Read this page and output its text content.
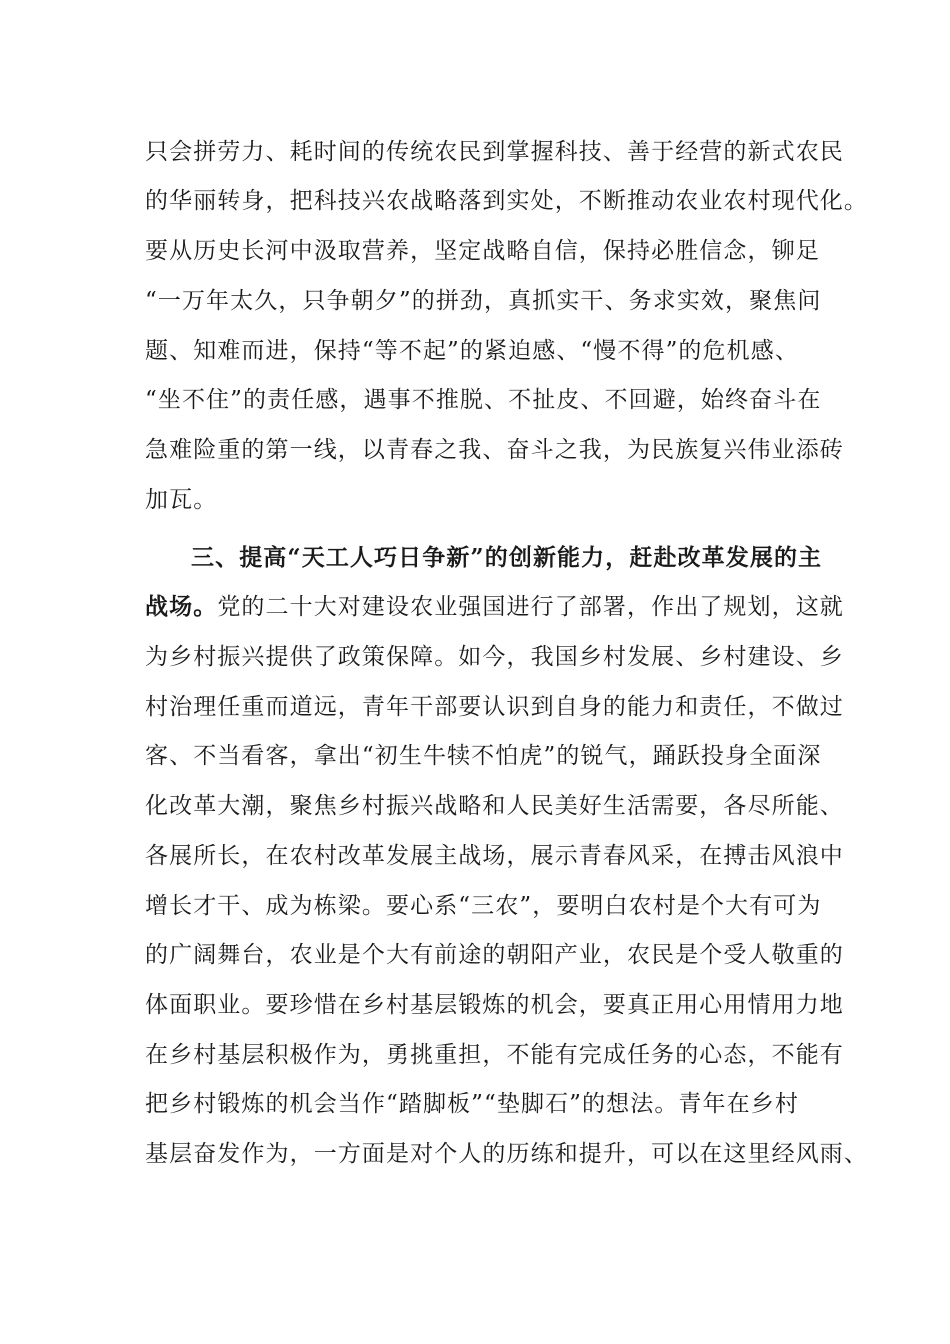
只会拼劳力、耗时间的传统农民到掌握科技、善于经营的新式农民
的华丽转身，把科技兴农战略落到实处，不断推动农业农村现代化。
要从历史长河中汲取营养，坚定战略自信，保持必胜信念，铆足
“一万年太久，只争朝夕”的拼劲，真抓实干、务求实效，聚焦问
题、知难而进，保持“等不起”的紧迫感、“慢不得”的危机感、
“坐不住”的责任感，遇事不推脱、不扯皮、不回避，始终奋斗在
急难险重的第一线，以青春之我、奋斗之我，为民族复兴伟业添砖
加瓦。
三、提高“天工人巧日争新”的创新能力，赶赴改革发展的主
战场。党的二十大对建设农业强国进行了部署，作出了规划，这就
为乡村振兴提供了政策保障。如今，我国乡村发展、乡村建设、乡
村治理任重而道远，青年干部要认识到自身的能力和责任，不做过
客、不当看客，拿出“初生牛犊不怕虎”的锐气，踊跃投身全面深
化改革大潮，聚焦乡村振兴战略和人民美好生活需要，各尽所能、
各展所长，在农村改革发展主战场，展示青春风采，在搏击风浪中
增长才干、成为栋梁。要心系“三农”，要明白农村是个大有可为
的广阔舞台，农业是个大有前途的朝阳产业，农民是个受人敬重的
体面职业。要珍惜在乡村基层锻炼的机会，要真正用心用情用力地
在乡村基层积极作为，勇挑重担，不能有完成任务的心态，不能有
把乡村锻炼的机会当作“踏脚板”“垫脚石”的想法。青年在乡村
基层奋发作为，一方面是对个人的历练和提升，可以在这里经风雨、
